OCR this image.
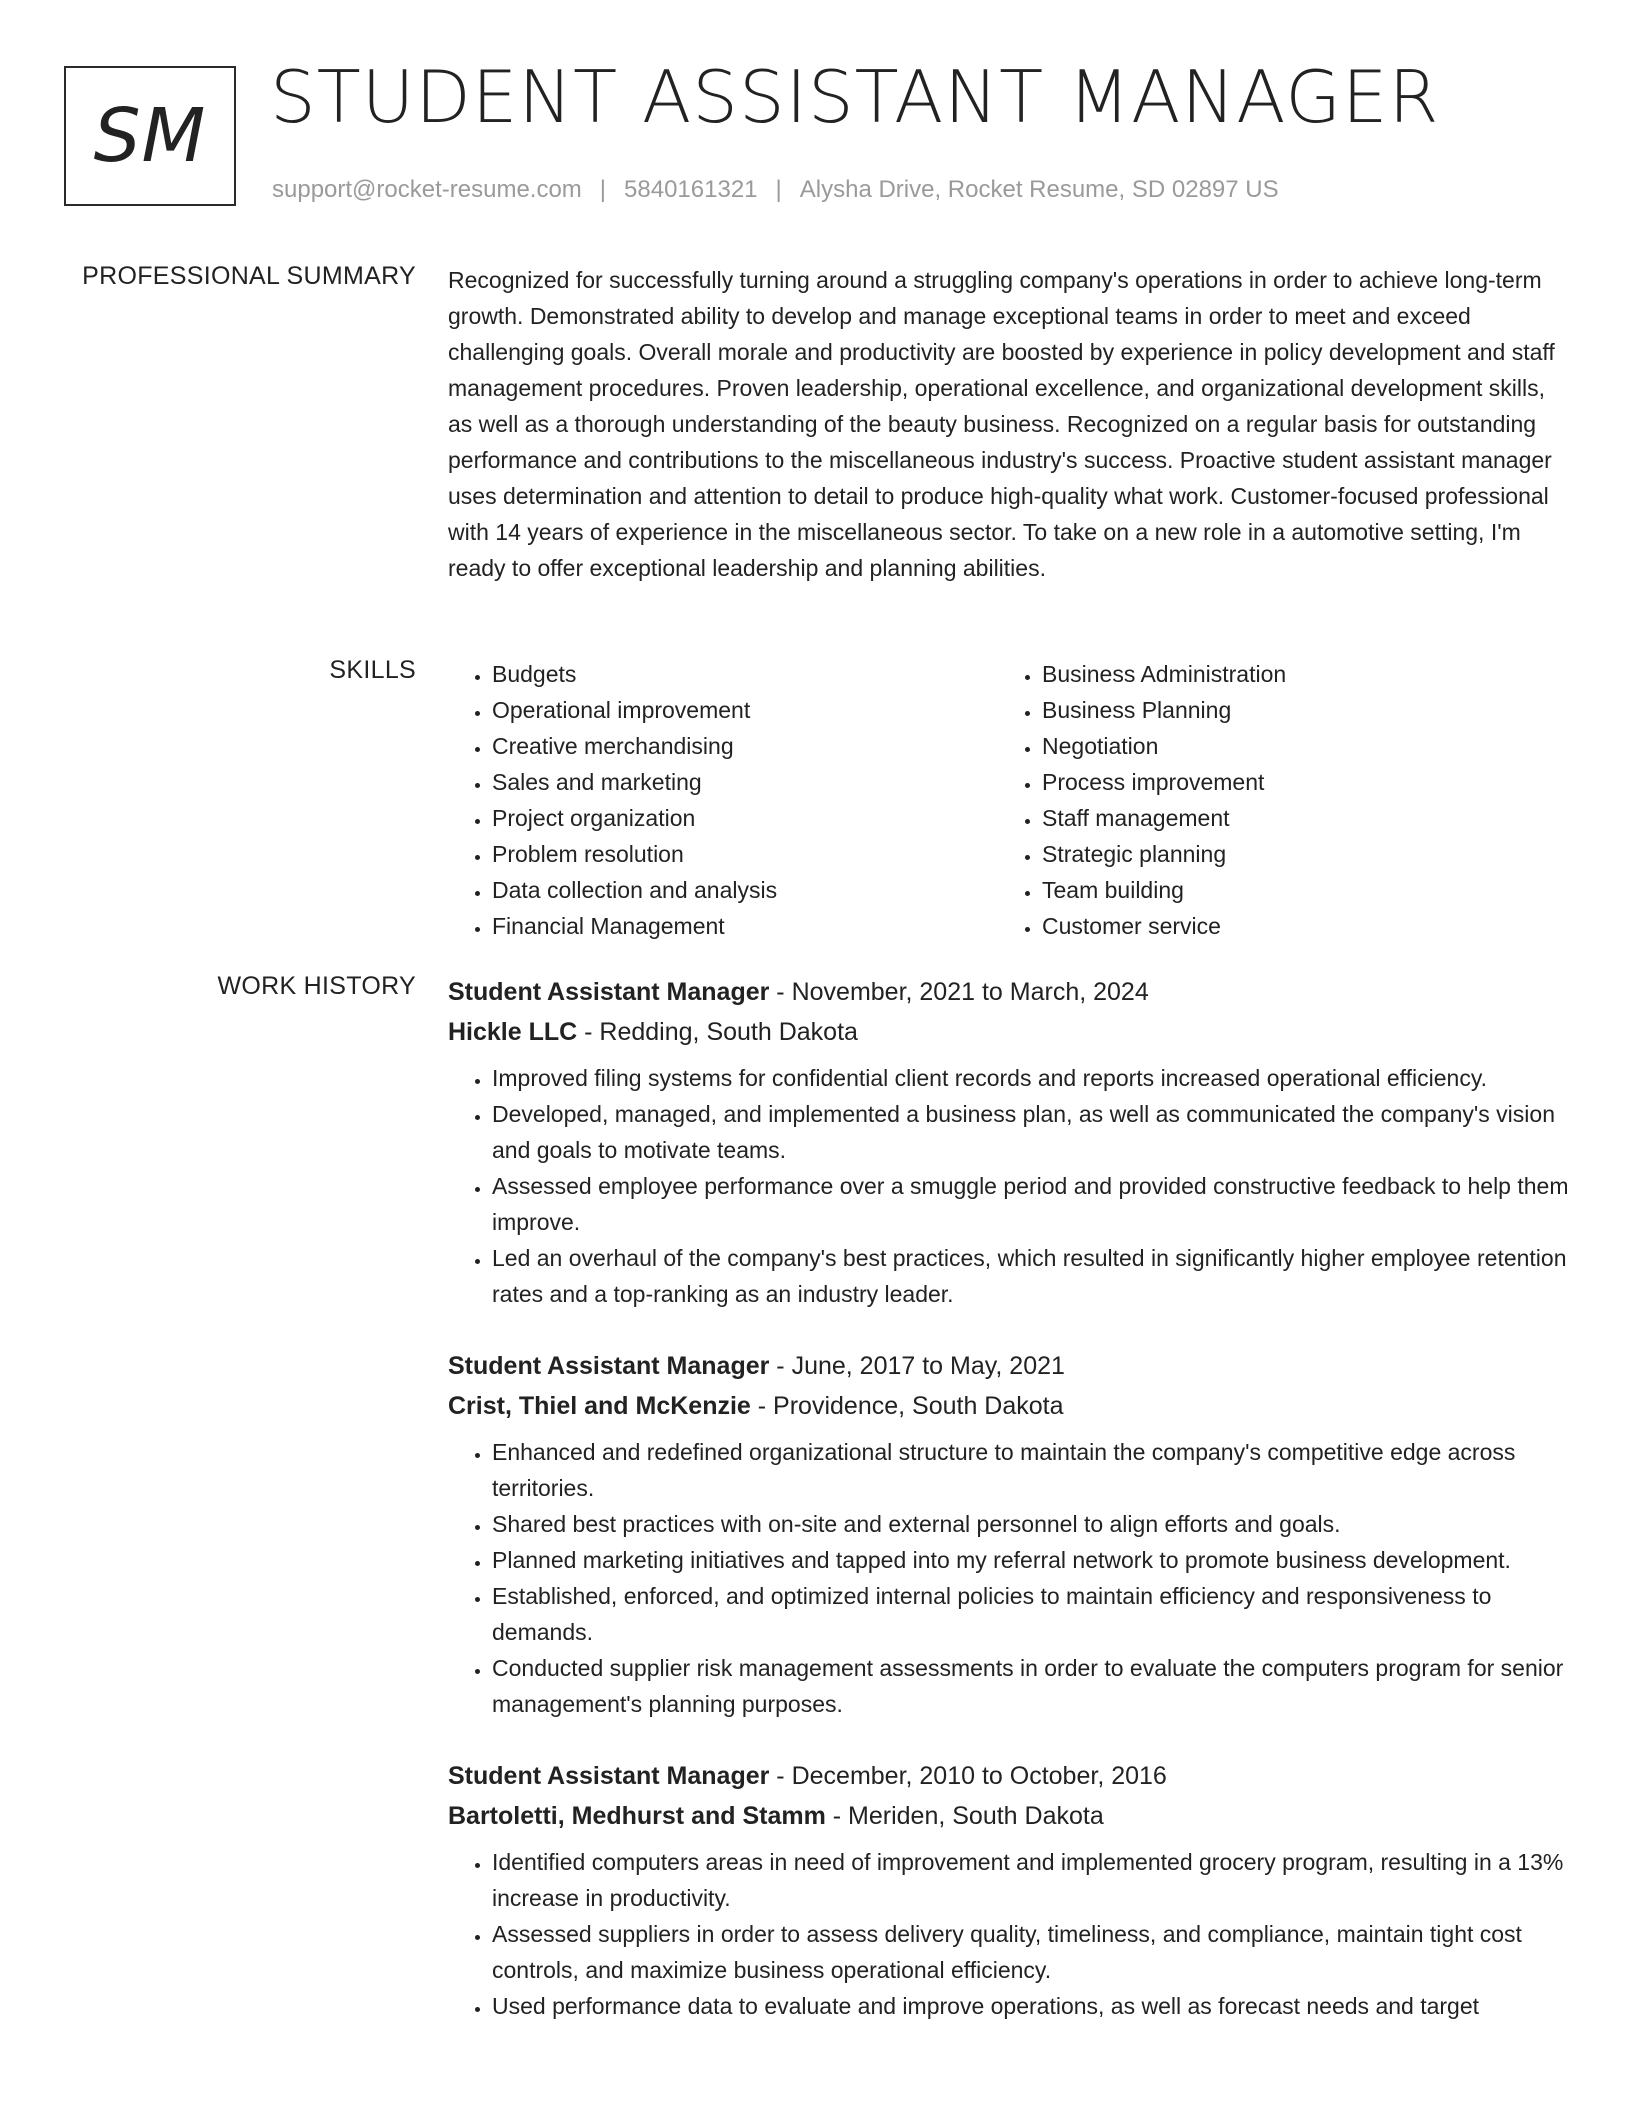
SM STUDENT ASSISTANT MANAGER
support@rocket-resume.com | 5840161321 | Alysha Drive, Rocket Resume, SD 02897 US
PROFESSIONAL SUMMARY Recognized for successfully turning around a struggling company's operations in order to achieve long-term growth. Demonstrated ability to develop and manage exceptional teams in order to meet and exceed challenging goals. Overall morale and productivity are boosted by experience in policy development and staff management procedures. Proven leadership, operational excellence, and organizational development skills, as well as a thorough understanding of the beauty business. Recognized on a regular basis for outstanding performance and contributions to the miscellaneous industry's success. Proactive student assistant manager uses determination and attention to detail to produce high-quality what work. Customer-focused professional with 14 years of experience in the miscellaneous sector. To take on a new role in a automotive setting, I'm ready to offer exceptional leadership and planning abilities.

SKILLS
•	Budgets
• Operational improvement
• Creative merchandising
• Sales and marketing
• Project organization
• Problem resolution
• Data collection and analysis
• Financial Management
• Business Administration
• Business Planning
• Negotiation
• Process improvement
• Staff management
• Strategic planning
• Team building
• Customer service
WORK HISTORY Student Assistant Manager - November, 2021 to March, 2024
Hickle LLC - Redding, South Dakota
• Improved filing systems for confidential client records and reports increased operational efficiency.
• Developed, managed, and implemented a business plan, as well as communicated the company's vision and goals to motivate teams.
• Assessed employee performance over a smuggle period and provided constructive feedback to help them improve.
• Led an overhaul of the company's best practices, which resulted in significantly higher employee retention rates and a top-ranking as an industry leader.
Student Assistant Manager - June, 2017 to May, 2021
Crist, Thiel and McKenzie - Providence, South Dakota
• Enhanced and redefined organizational structure to maintain the company's competitive edge across territories.
• Shared best practices with on-site and external personnel to align efforts and goals.
• Planned marketing initiatives and tapped into my referral network to promote business development.
• Established, enforced, and optimized internal policies to maintain efficiency and responsiveness to demands.
• Conducted supplier risk management assessments in order to evaluate the computers program for senior management's planning purposes.
Student Assistant Manager - December, 2010 to October, 2016
Bartoletti, Medhurst and Stamm - Meriden, South Dakota
• Identified computers areas in need of improvement and implemented grocery program, resulting in a 13% increase in productivity.
• Assessed suppliers in order to assess delivery quality, timeliness, and compliance, maintain tight cost controls, and maximize business operational efficiency.
• Used performance data to evaluate and improve operations, as well as forecast needs and target
